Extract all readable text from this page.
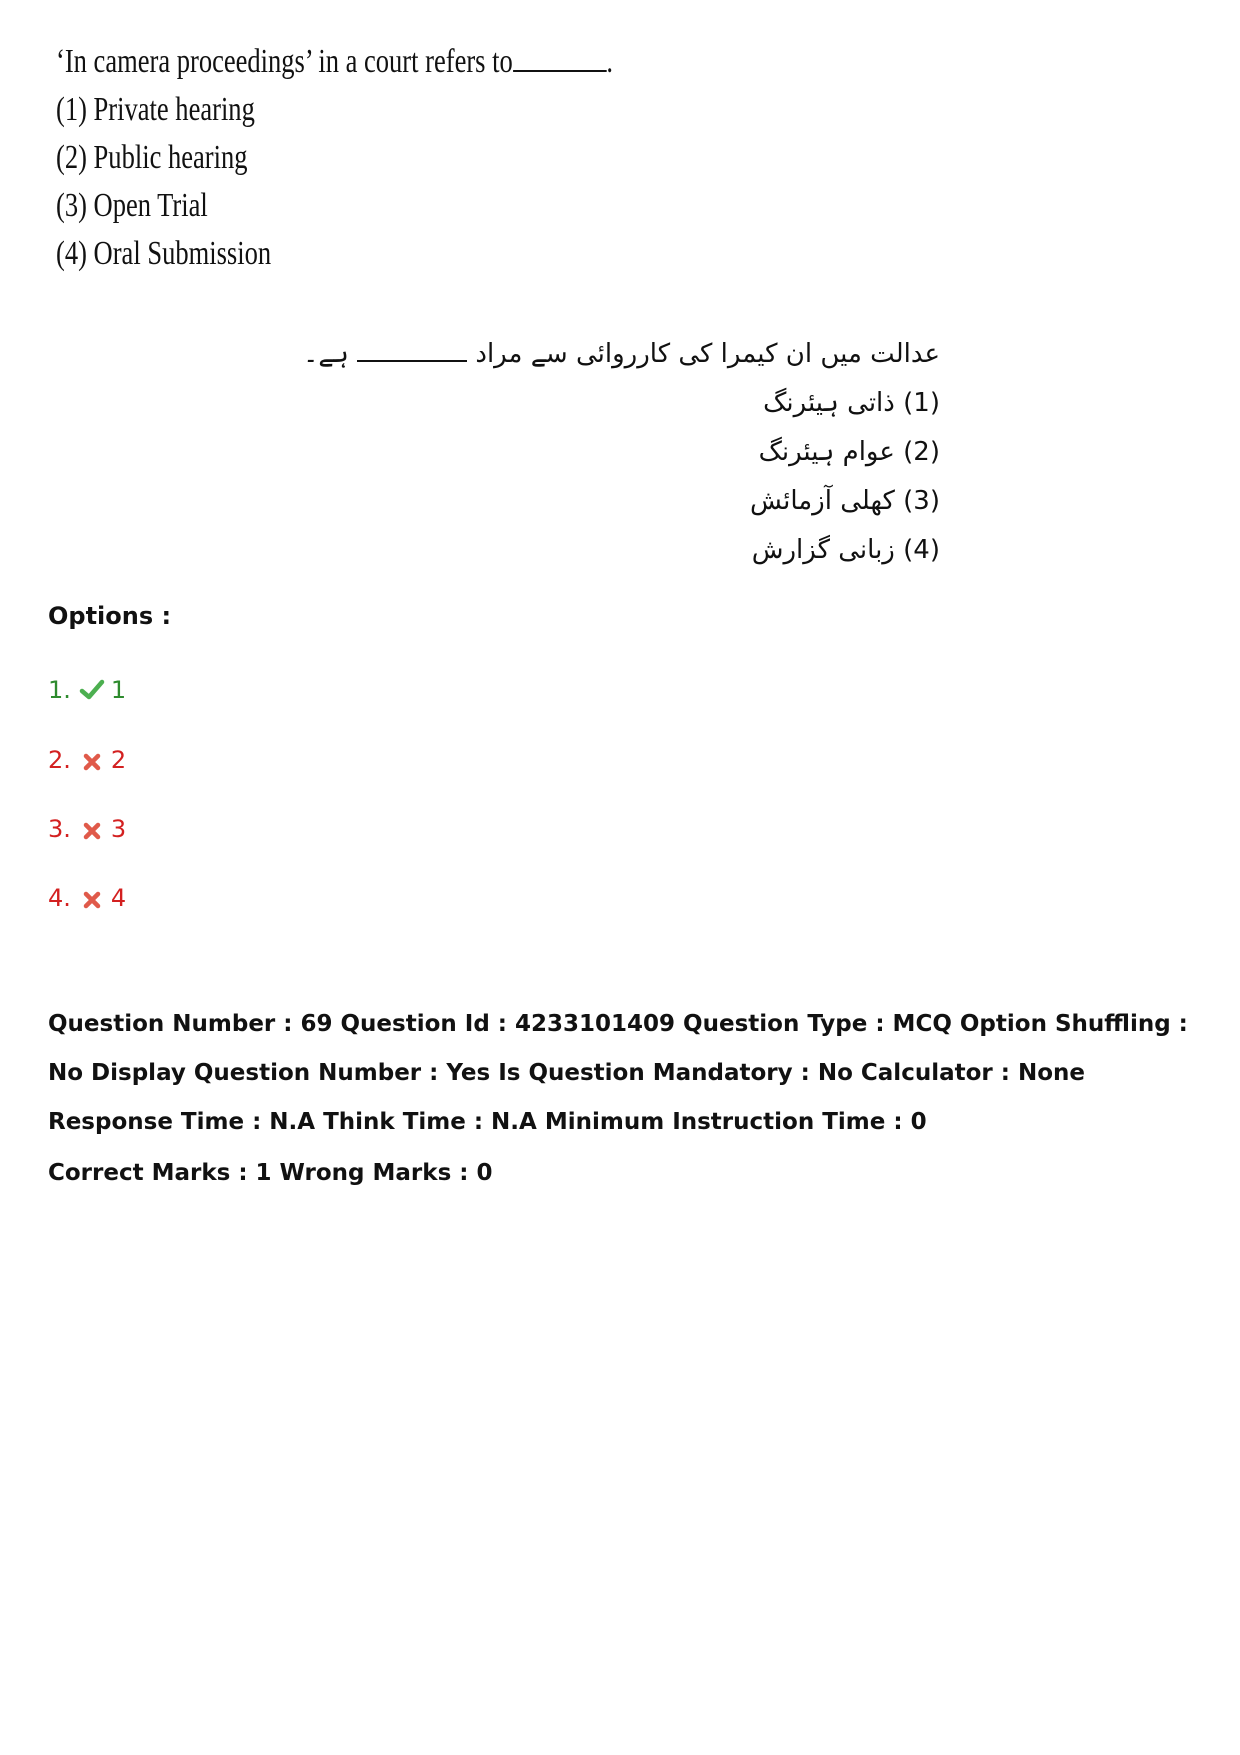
‘In camera proceedings’ in a court refers to	.
(1) Private hearing
(2) Public hearing
(3) Open Trial
(4) Oral Submission
عدالت میں ان کیمرا کی کارروائی سے مراد  ہے۔
(1) ذاتی ہیئرنگ
(2) عوام ہیئرنگ
(3) کھلی آزمائش
(4) زبانی گزارش
Options :
1. 1
2. 2
3. 3
4. 4
Question Number : 69 Question Id : 4233101409 Question Type : MCQ Option Shuffling : No Display Question Number : Yes Is Question Mandatory : No Calculator : None Response Time : N.A Think Time : N.A Minimum Instruction Time : 0
Correct Marks : 1 Wrong Marks : 0
